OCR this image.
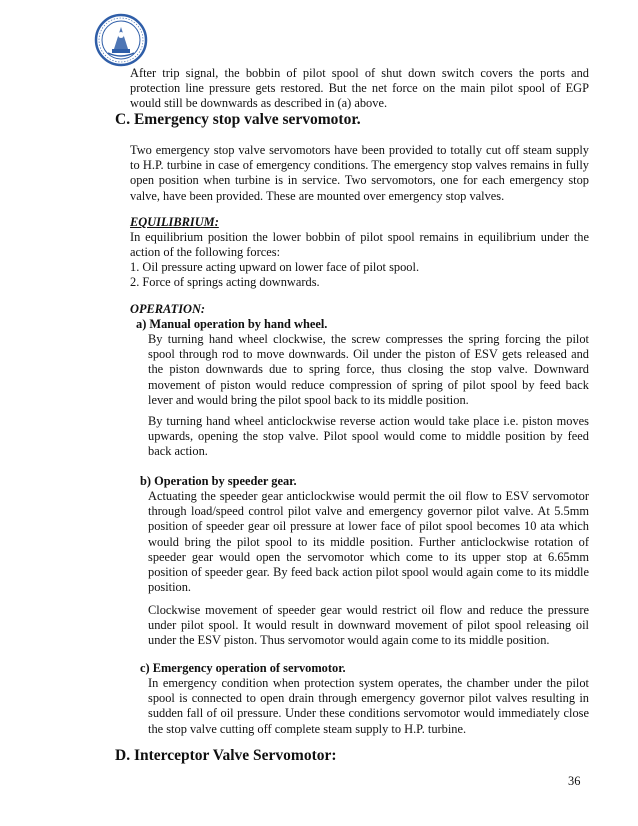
After trip signal, the bobbin of pilot spool of shut down switch covers the ports and protection line pressure gets restored. But the net force on the main pilot spool of EGP would still be downwards as described in (a) above.
C. Emergency stop valve servomotor.
Two emergency stop valve servomotors have been provided to totally cut off steam supply to H.P. turbine in case of emergency conditions. The emergency stop valves remains in fully open position when turbine is in service. Two servomotors, one for each emergency stop valve, have been provided. These are mounted over emergency stop valves.
EQUILIBRIUM:
In equilibrium position the lower bobbin of pilot spool remains in equilibrium under the action of the following forces:
1. Oil pressure acting upward on lower face of pilot spool.
2. Force of springs acting downwards.
OPERATION:
a) Manual operation by hand wheel.
By turning hand wheel clockwise, the screw compresses the spring forcing the pilot spool through rod to move downwards. Oil under the piston of ESV gets released and the piston downwards due to spring force, thus closing the stop valve. Downward movement of piston would reduce compression of spring of pilot spool by feed back lever and would bring the pilot spool back to its middle position.
By turning hand wheel anticlockwise reverse action would take place i.e. piston moves upwards, opening the stop valve. Pilot spool would come to middle position by feed back action.
b) Operation by speeder gear.
Actuating the speeder gear anticlockwise would permit the oil flow to ESV servomotor through load/speed control pilot valve and emergency governor pilot valve. At 5.5mm position of speeder gear oil pressure at lower face of pilot spool becomes 10 ata which would bring the pilot spool to its middle position. Further anticlockwise rotation of speeder gear would open the servomotor which come to its upper stop at 6.65mm position of speeder gear. By feed back action pilot spool would again come to its middle position.
Clockwise movement of speeder gear would restrict oil flow and reduce the pressure under pilot spool. It would result in downward movement of pilot spool releasing oil under the ESV piston. Thus servomotor would again come to its middle position.
c) Emergency operation of servomotor.
In emergency condition when protection system operates, the chamber under the pilot spool is connected to open drain through emergency governor pilot valves resulting in sudden fall of oil pressure. Under these conditions servomotor would immediately close the stop valve cutting off complete steam supply to H.P. turbine.
D. Interceptor Valve Servomotor:
36
